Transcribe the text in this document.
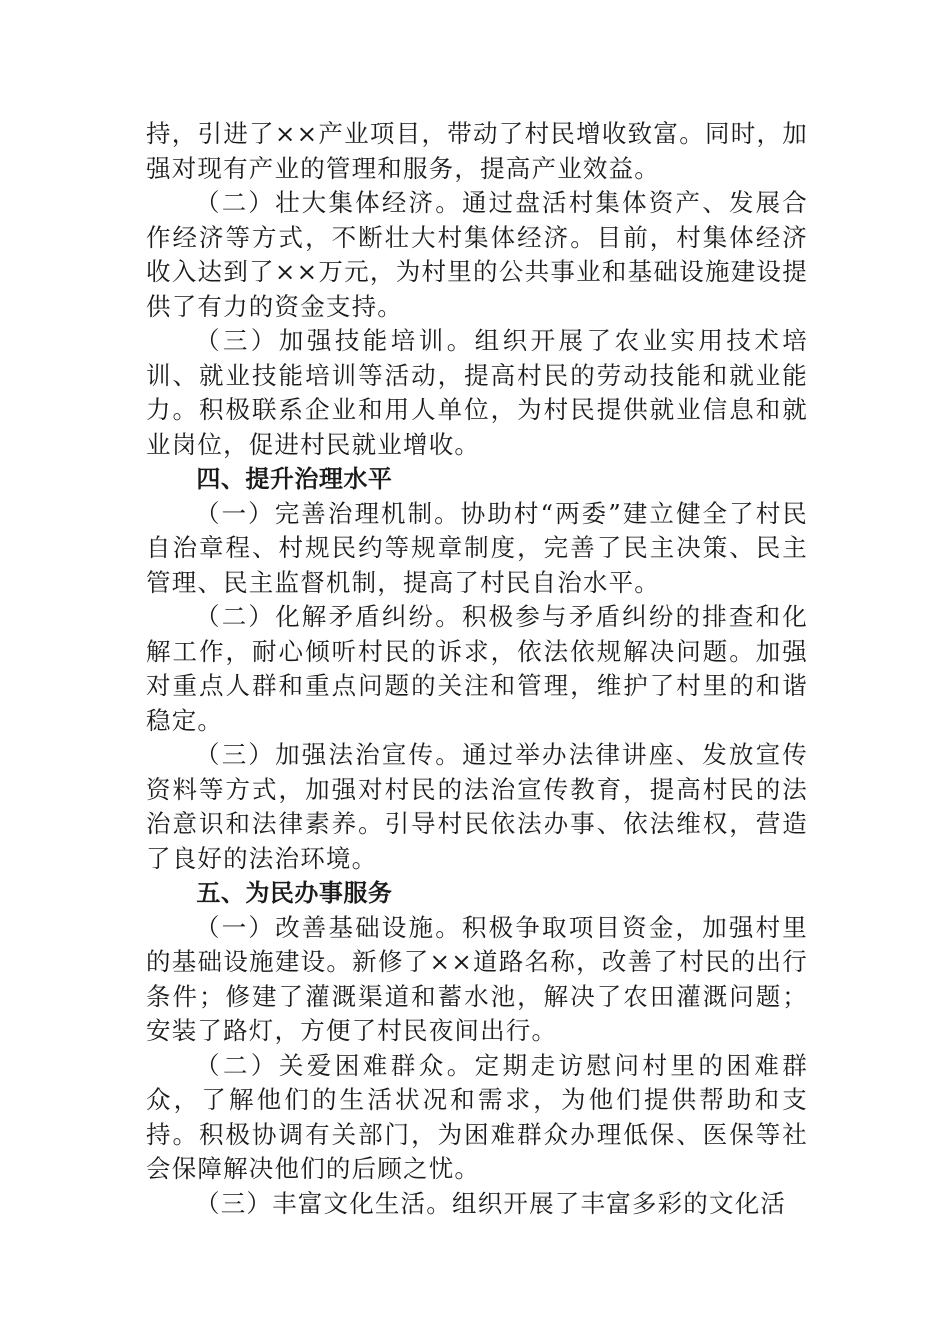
持，引进了××产业项目，带动了村民增收致富。同时，加强对现有产业的管理和服务，提高产业效益。

（二）壮大集体经济。通过盘活村集体资产、发展合作经济等方式，不断壮大村集体经济。目前，村集体经济收入达到了××万元，为村里的公共事业和基础设施建设提供了有力的资金支持。

（三）加强技能培训。组织开展了农业实用技术培训、就业技能培训等活动，提高村民的劳动技能和就业能力。积极联系企业和用人单位，为村民提供就业信息和就业岗位，促进村民就业增收。

四、提升治理水平

（一）完善治理机制。协助村“两委”建立健全了村民自治章程、村规民约等规章制度，完善了民主决策、民主管理、民主监督机制，提高了村民自治水平。

（二）化解矛盾纠纷。积极参与矛盾纠纷的排查和化解工作，耐心倾听村民的诉求，依法依规解决问题。加强对重点人群和重点问题的关注和管理，维护了村里的和谐稳定。

（三）加强法治宣传。通过举办法律讲座、发放宣传资料等方式，加强对村民的法治宣传教育，提高村民的法治意识和法律素养。引导村民依法办事、依法维权，营造了良好的法治环境。

五、为民办事服务

（一）改善基础设施。积极争取项目资金，加强村里的基础设施建设。新修了××道路名称，改善了村民的出行条件；修建了灌溉渠道和蓄水池，解决了农田灌溉问题；安装了路灯，方便了村民夜间出行。

（二）关爱困难群众。定期走访慰问村里的困难群众，了解他们的生活状况和需求，为他们提供帮助和支持。积极协调有关部门，为困难群众办理低保、医保等社会保障解决他们的后顾之忧。

（三）丰富文化生活。组织开展了丰富多彩的文化活
